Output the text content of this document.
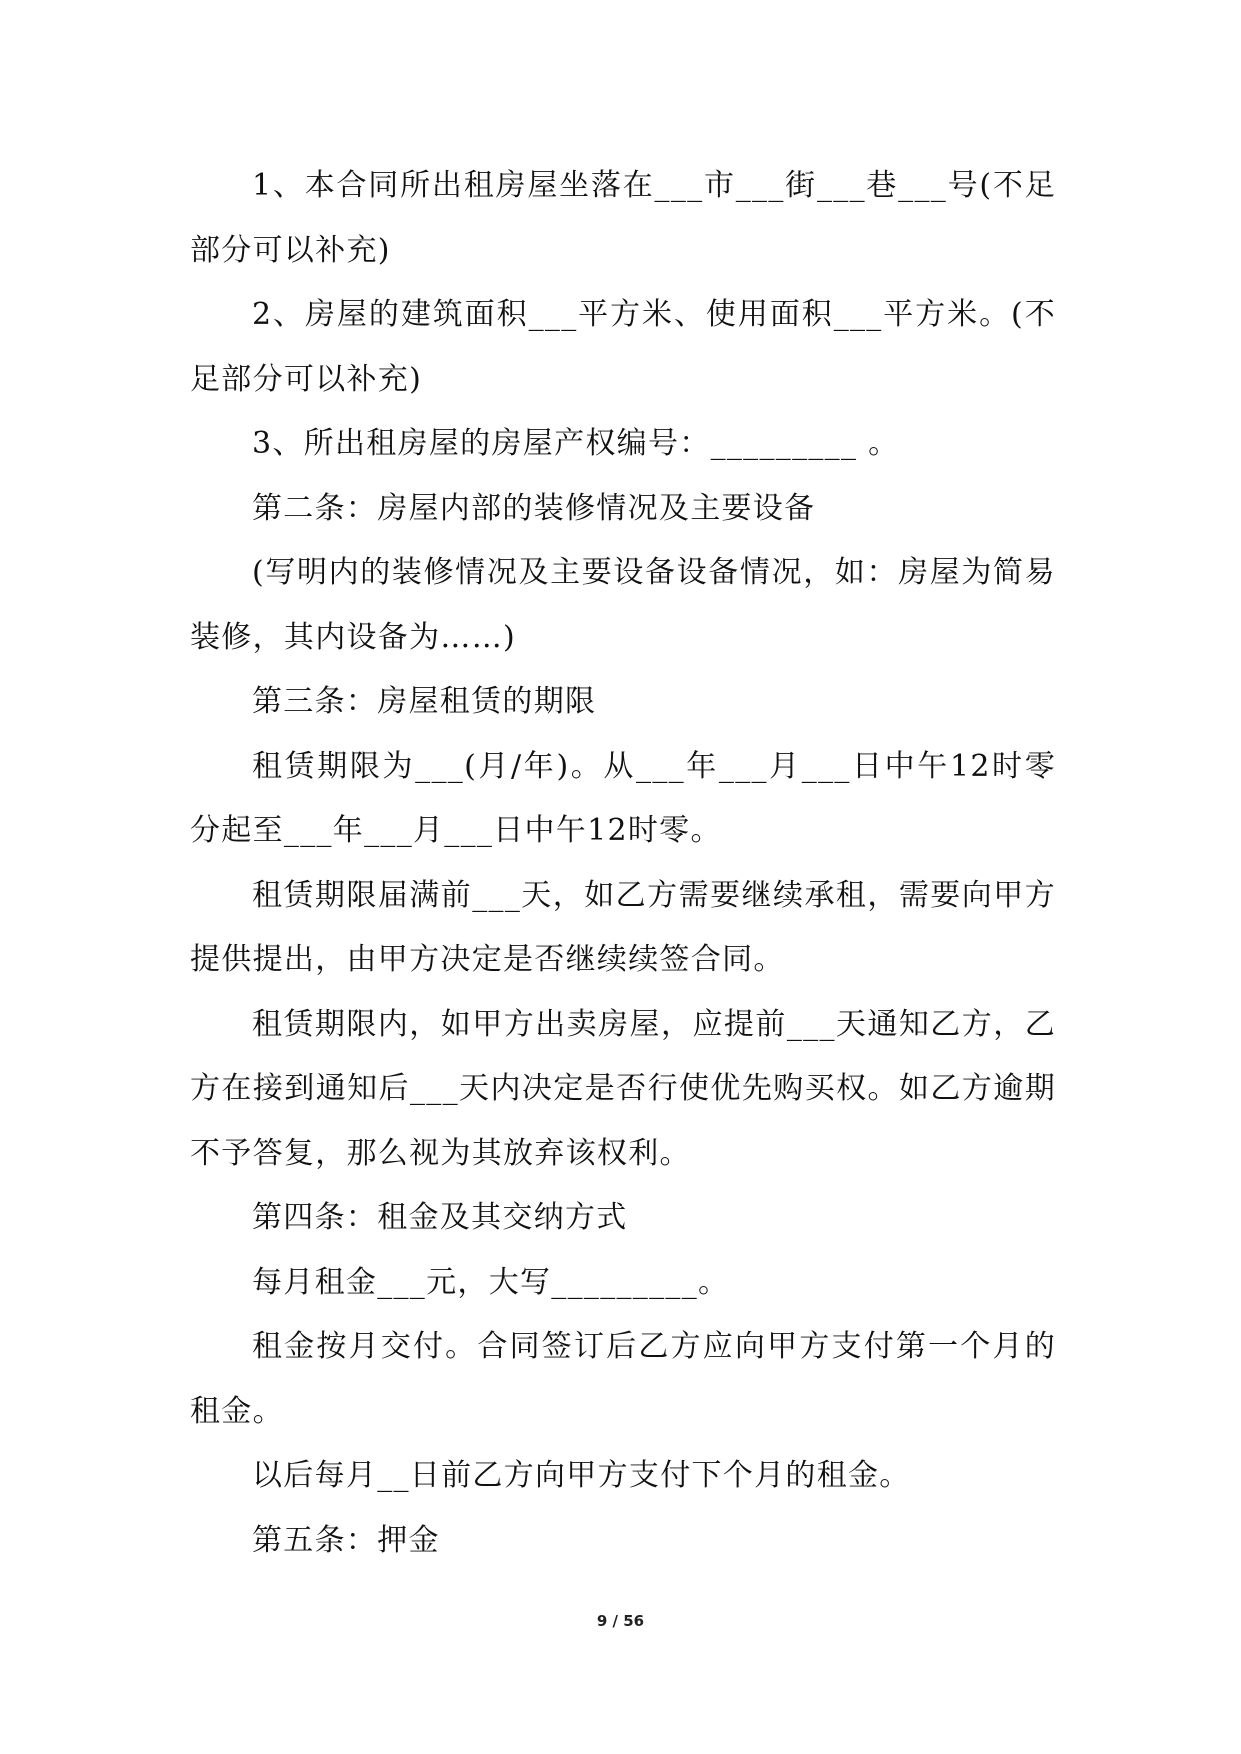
1、本合同所出租房屋坐落在___市___街___巷___号(不足部分可以补充)

2、房屋的建筑面积___平方米、使用面积___平方米。(不足部分可以补充)

3、所出租房屋的房屋产权编号：_________ 。

第二条：房屋内部的装修情况及主要设备

(写明内的装修情况及主要设备设备情况，如：房屋为简易装修，其内设备为……)

第三条：房屋租赁的期限

租赁期限为___(月/年)。从___年___月___日中午12时零分起至___年___月___日中午12时零。

租赁期限届满前___天，如乙方需要继续承租，需要向甲方提供提出，由甲方决定是否继续续签合同。

租赁期限内，如甲方出卖房屋，应提前___天通知乙方，乙方在接到通知后___天内决定是否行使优先购买权。如乙方逾期不予答复，那么视为其放弃该权利。

第四条：租金及其交纳方式

每月租金___元，大写_________。

租金按月交付。合同签订后乙方应向甲方支付第一个月的租金。

以后每月__日前乙方向甲方支付下个月的租金。

第五条：押金

9 / 56
